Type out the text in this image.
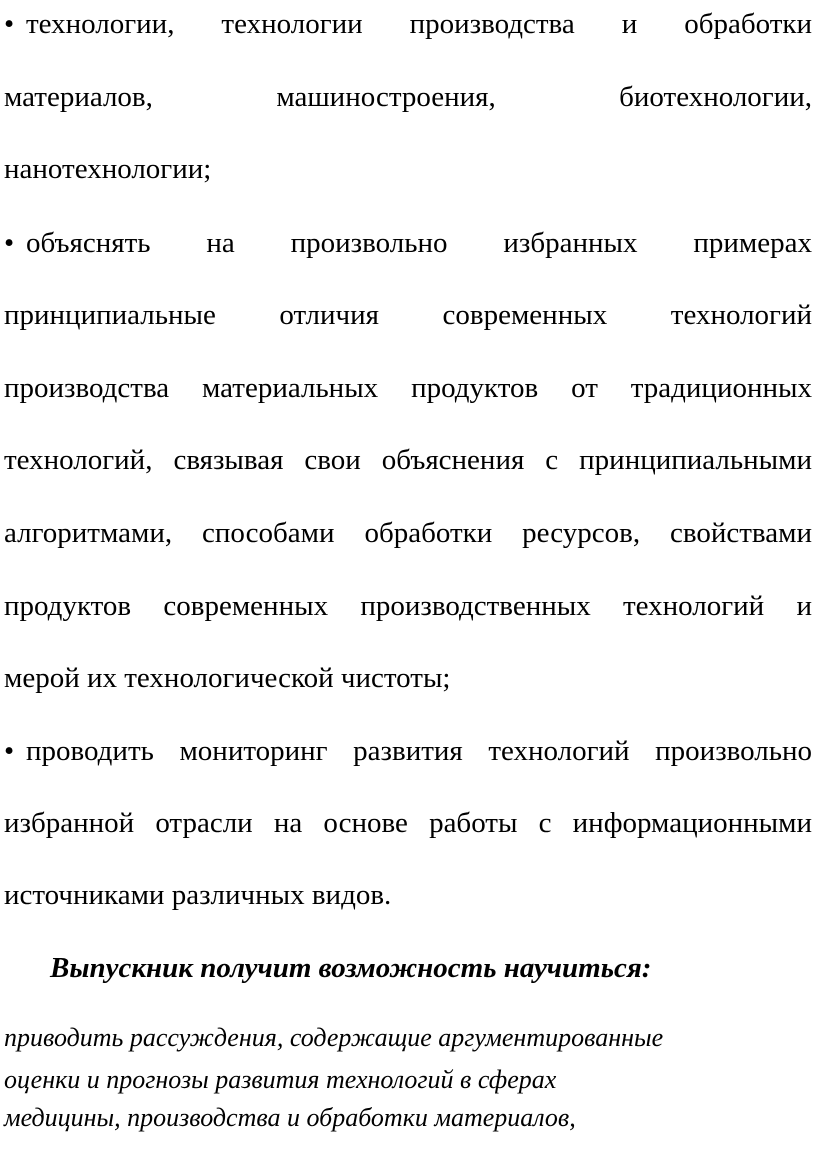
• технологии, технологии производства и обработки
материалов, машиностроения, биотехнологии,
нанотехнологии;
• объяснять на произвольно избранных примерах
принципиальные отличия современных технологий
производства материальных продуктов от традиционных
технологий, связывая свои объяснения с принципиальными
алгоритмами, способами обработки ресурсов, свойствами
продуктов современных производственных технологий и
мерой их технологической чистоты;
• проводить мониторинг развития технологий произвольно
избранной отрасли на основе работы с информационными
источниками различных видов.
Выпускник получит возможность научиться:
приводить рассуждения, содержащие аргументированные
оценки и прогнозы развития технологий в сферах
медицины, производства и обработки материалов,
